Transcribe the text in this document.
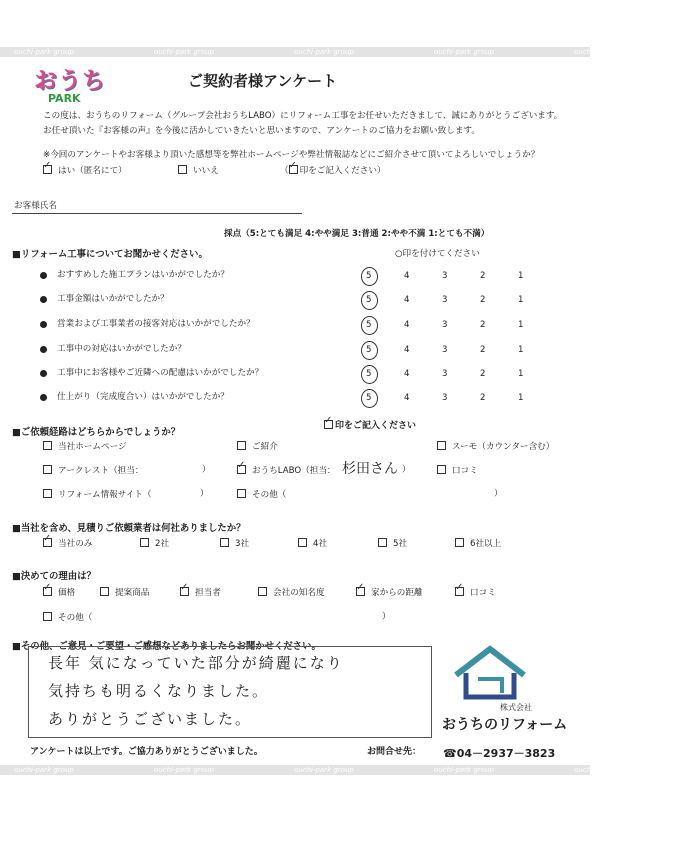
ouchi-park group	ouchi-park group	ouchi-park group	ouchi-park group	ouchi-park group
ouchi-park group	ouchi-park group	ouchi-park group	ouchi-park group	ouchi-park group
おうち
PARK
ご契約者様アンケート
この度は、おうちのリフォーム（グループ会社おうちLABO）にリフォーム工事をお任せいただきまして、誠にありがとうございます。
お任せ頂いた『お客様の声』を今後に活かしていきたいと思いますので、アンケートのご協力をお願い致します。
※今回のアンケートやお客様より頂いた感想等を弊社ホームページや弊社情報誌などにご紹介させて頂いてよろしいでしょうか？
✓はい（匿名にて）	いいえ	（ ✓ 印をご記入ください）
お客様氏名
採点（5:とても満足 4:やや満足 3:普通 2:やや不満 1:とても不満）
■リフォーム工事についてお聞かせください。	○印を付けてください
おすすめした施工プランはいかがでしたか？	5	4	3	2	1
工事金額はいかがでしたか？	5	4	3	2	1
営業および工事業者の接客対応はいかがでしたか？	5	4	3	2	1
工事中の対応はいかがでしたか？	5	4	3	2	1
工事中にお客様やご近隣への配慮はいかがでしたか？	5	4	3	2	1
仕上がり（完成度合い）はいかがでしたか？	5	4	3	2	1
■ご依頼経路はどちらからでしょうか？
✓印をご記入ください
当社ホームページ	ご紹介	スーモ（カウンター含む）
アークレスト（担当：	） ✓	おうちLABO（担当： 杉田さん ）	口コミ
リフォーム情報サイト（	）	その他（	）
■当社を含め、見積りご依頼業者は何社ありましたか？
✓当社のみ	2社	3社	4社	5社	6社以上
■決めての理由は？
✓価格	提案商品 ✓	担当者	会社の知名度 ✓	家からの距離 ✓	口コミ
その他（	）
■その他、ご意見・ご要望・ご感想などありましたらお聞かせください。
長年 気になっていた部分が綺麗になり
気持ちも明るくなりました。
ありがとうございました。
株式会社
おうちのリフォーム
アンケートは以上です。ご協力ありがとうございました。	お問合せ先： ☎04－2937－3823
